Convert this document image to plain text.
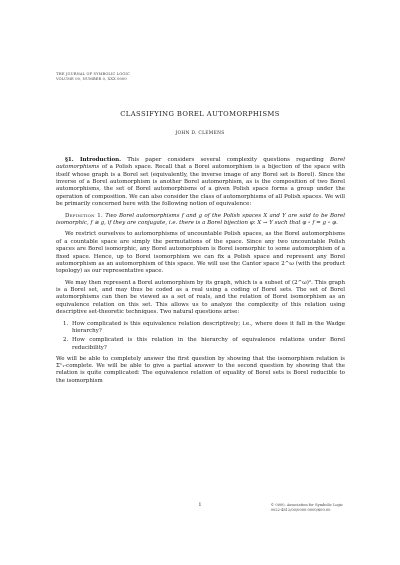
THE JOURNAL OF SYMBOLIC LOGIC
VOLUME 00, NUMBER 0, XXX 0000
CLASSIFYING BOREL AUTOMORPHISMS
JOHN D. CLEMENS

§1. Introduction. This paper considers several complexity questions regarding Borel automorphisms of a Polish space. Recall that a Borel automorphism is a bijection of the space with itself whose graph is a Borel set (equivalently, the inverse image of any Borel set is Borel). Since the inverse of a Borel automorphism is another Borel automorphism, as is the composition of two Borel automorphisms, the set of Borel automorphisms of a given Polish space forms a group under the operation of composition. We can also consider the class of automorphisms of all Polish spaces. We will be primarily concerned here with the following notion of equivalence:

Definition 1. Two Borel automorphisms f and g of the Polish spaces X and Y are said to be Borel isomorphic, f ≅ g, if they are conjugate, i.e. there is a Borel bijection φ: X → Y such that φ ∘ f = g ∘ φ.

We restrict ourselves to automorphisms of uncountable Polish spaces, as the Borel automorphisms of a countable space are simply the permutations of the space. Since any two uncountable Polish spaces are Borel isomorphic, any Borel automorphism is Borel isomorphic to some automorphism of a fixed space. Hence, up to Borel isomorphism we can fix a Polish space and represent any Borel automorphism as an automorphism of this space. We will use the Cantor space 2^ω (with the product topology) as our representative space.

We may then represent a Borel automorphism by its graph, which is a subset of (2^ω)². This graph is a Borel set, and may thus be coded as a real using a coding of Borel sets. The set of Borel automorphisms can then be viewed as a set of reals, and the relation of Borel isomorphism as an equivalence relation on this set. This allows us to analyze the complexity of this relation using descriptive set-theoretic techniques. Two natural questions arise:

1. How complicated is this equivalence relation descriptively; i.e., where does it fall in the Wadge hierarchy?
2. How complicated is this relation in the hierarchy of equivalence relations under Borel reducibility?

We will be able to completely answer the first question by showing that the isomorphism relation is Σ¹₁-complete. We will be able to give a partial answer to the second question by showing that the relation is quite complicated: The equivalence relation of equality of Borel sets is Borel reducible to the isomorphism

© 0000, Association for Symbolic Logic
0022-4812/00/0000-0000/$00.00
1
